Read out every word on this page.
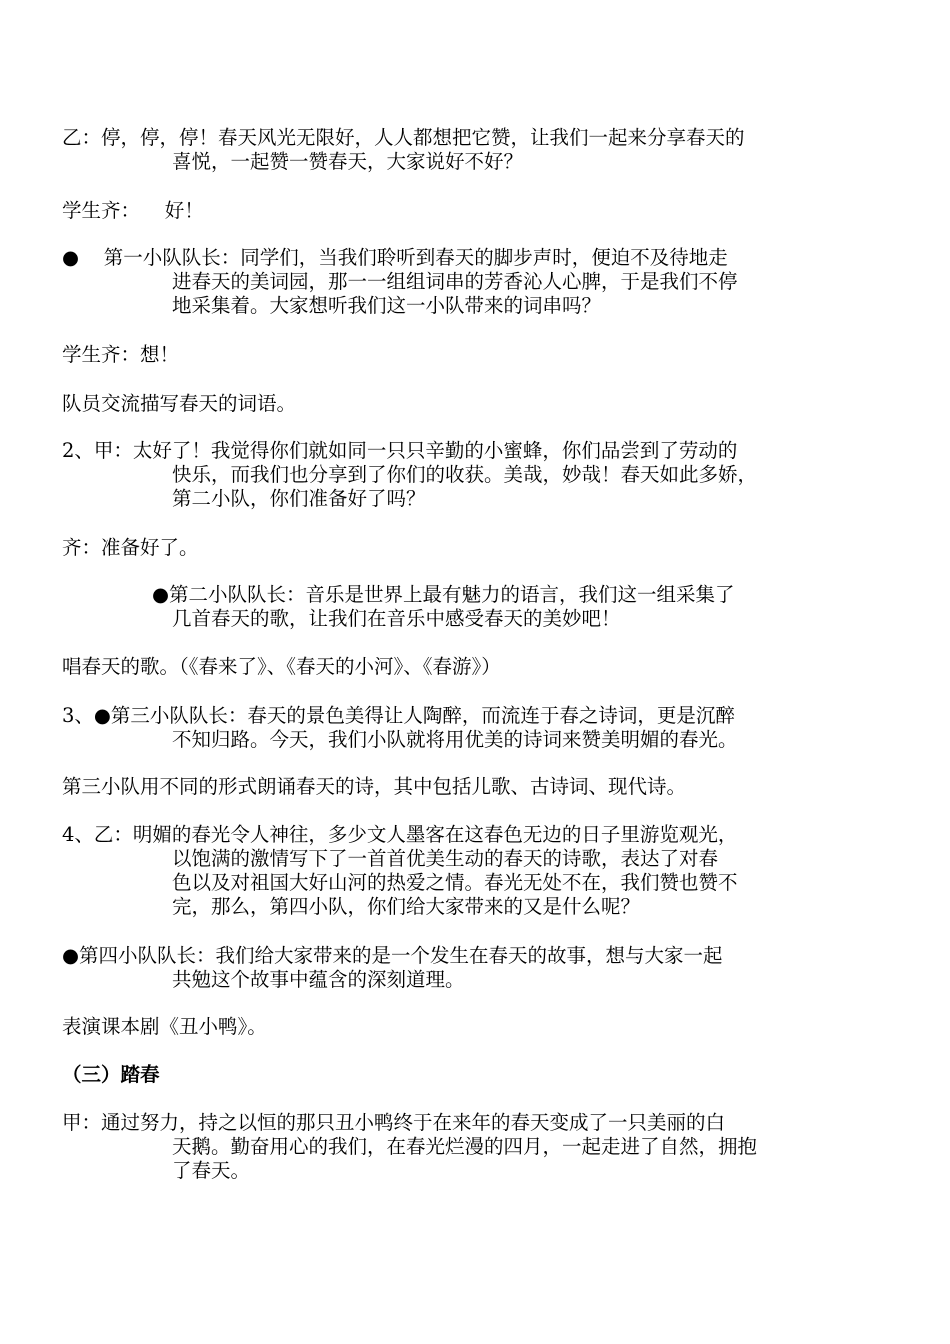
乙：停，停，停！春天风光无限好，人人都想把它赞，让我们一起来分享春天的
喜悦，一起赞一赞春天，大家说好不好？
学生齐：    好！
●    第一小队队长：同学们，当我们聆听到春天的脚步声时，便迫不及待地走
进春天的美词园，那一一组组词串的芳香沁人心脾，于是我们不停
地采集着。大家想听我们这一小队带来的词串吗？
学生齐：想！
队员交流描写春天的词语。
2、甲：太好了！我觉得你们就如同一只只辛勤的小蜜蜂，你们品尝到了劳动的
快乐，而我们也分享到了你们的收获。美哉，妙哉！春天如此多娇，
第二小队，你们准备好了吗？
齐：准备好了。
●第二小队队长：音乐是世界上最有魅力的语言，我们这一组采集了
几首春天的歌，让我们在音乐中感受春天的美妙吧！
唱春天的歌。（《春来了》、《春天的小河》、《春游》）
3、●第三小队队长：春天的景色美得让人陶醉，而流连于春之诗词，更是沉醉
不知归路。今天，我们小队就将用优美的诗词来赞美明媚的春光。
第三小队用不同的形式朗诵春天的诗，其中包括儿歌、古诗词、现代诗。
4、乙：明媚的春光令人神往，多少文人墨客在这春色无边的日子里游览观光，
以饱满的激情写下了一首首优美生动的春天的诗歌，表达了对春
色以及对祖国大好山河的热爱之情。春光无处不在，我们赞也赞不
完，那么，第四小队，你们给大家带来的又是什么呢？
●第四小队队长：我们给大家带来的是一个发生在春天的故事，想与大家一起
共勉这个故事中蕴含的深刻道理。
表演课本剧《丑小鸭》。
（三）踏春
甲：通过努力，持之以恒的那只丑小鸭终于在来年的春天变成了一只美丽的白
天鹅。勤奋用心的我们，在春光烂漫的四月，一起走进了自然，拥抱
了春天。
